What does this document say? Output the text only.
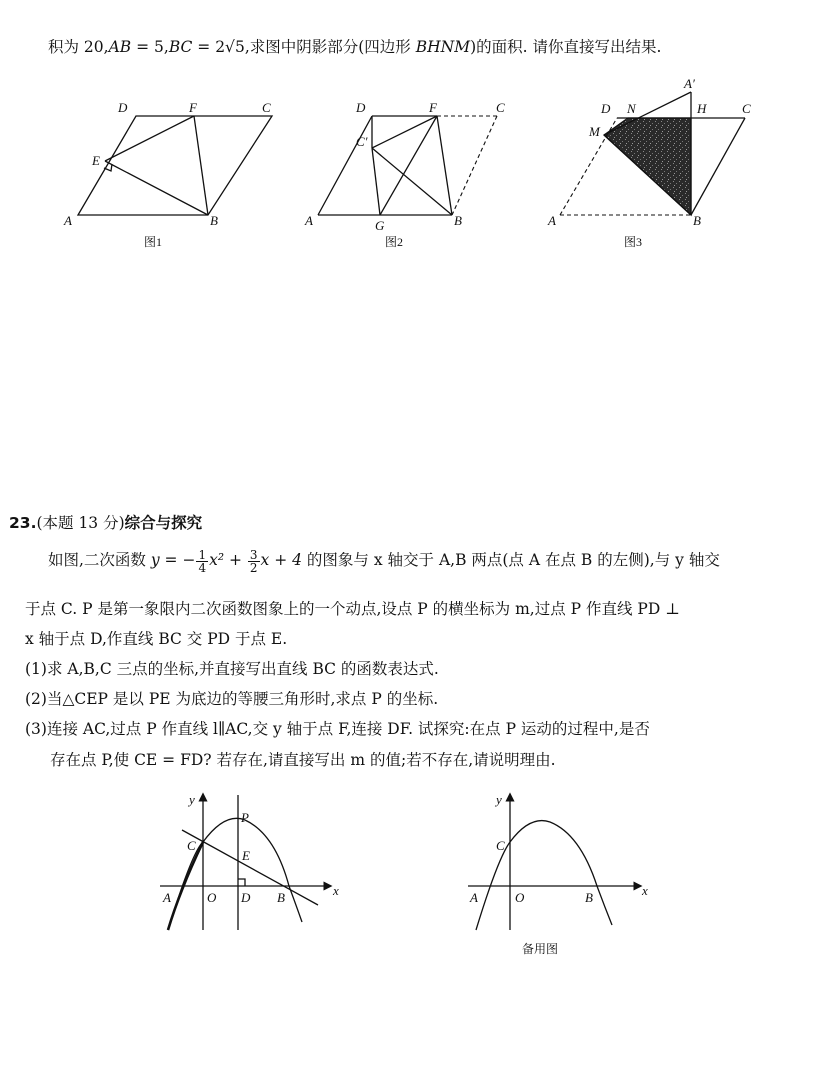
积为 20,AB = 5,BC = 2√5,求图中阴影部分(四边形 BHNM)的面积. 请你直接写出结果.
D	F	C
E
A	B
图1
D	F	C
C′
A	G	B
图2
A′
D N	H	C
M
A	B
图3
23.(本题 13 分)综合与探究
如图,二次函数 y = − $\frac{1}{4} x^2 + \frac{3}{2}$ x + 4 的图象与 x 轴交于 A,B 两点(点 A 在点 B 的左侧),与 y 轴交
于点 C. P 是第一象限内二次函数图象上的一个动点,设点 P 的横坐标为 m,过点 P 作直线 PD ⊥
x 轴于点 D,作直线 BC 交 PD 于点 E.
(1)求 A,B,C 三点的坐标,并直接写出直线 BC 的函数表达式.
(2)当△CEP 是以 PE 为底边的等腰三角形时,求点 P 的坐标.
(3)连接 AC,过点 P 作直线 l∥AC,交 y 轴于点 F,连接 DF. 试探究:在点 P 运动的过程中,是否
存在点 P,使 CE = FD? 若存在,请直接写出 m 的值;若不存在,请说明理由.
y
x
P
C
E
A	O D B
y
x
C
A	O	B
备用图
